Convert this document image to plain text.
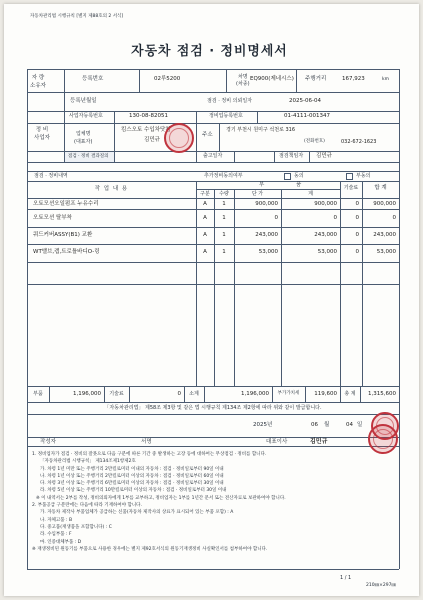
자동차관리법 시행규칙 [별지 제88호의 2 서식]
자동차 점검 · 정비명세서
자 량
소유자
등록번호	02루5200	차명
(차종)
EQ900(제네시스) 주행거리	167,923	km
등록년월일	점검 · 정비 의뢰일자	2025-06-04
정 비
사업자
사업자등록번호	130-08-82051	정비업등록번호	01-4111-001347
업체명
(대표자)
킴스오토 수입차닷컴
김민규
주소
경기 부천시 원미구 석천로 316
(전화번호)	032-672-1623
점검 · 정비 결과질의	출고일자	점검책임자 김민규
점검 · 정비내역	추가정비동의여부	동의	부동의
작 업 내 용
부	품	기술료	합 계
구분	수량	단 가	계
오토모션오일펌프 누유수리	A	1	900,000	900,000	0	900,000
오토모션 탈부착	A	1	0	0	0	0
쿼드커버ASSY(B1) 교환	A	1	243,000	243,000	0	243,000
WT밸브,캡,트로틀바디O-링	A	1	53,000	53,000	0	53,000
부품	1,196,000	기술료	0	소계	1,196,000	부가가치세	119,600	총 계	1,315,600
「자동차관리법」 제58조 제3항 및 같은 법 시행규칙 제134조 제2항에 따라 위와 같이 발급합니다.
2025년	06 월	04 일
작성자	서명	대표이사	김민규
1. 정비업자가 점검 · 정비의 잘못으로 다음 구분에 따른 기간 중 발생하는 고장 등에 대하여는 무상점검 · 정비를 합니다.
「자동차관리법 시행규칙」 제134조제1항제2호
가. 차령 1년 미만 또는 주행거리 2만킬로미터 이내의 자동차 : 점검 · 정비일로부터 90일 이내
나. 차령 1년 이상 또는 주행거리 2만킬로미터 이상의 자동차 : 점검 · 정비일로부터 60일 이내
다. 차령 3년 이상 또는 주행거리 6만킬로미터 이상의 자동차 : 점검 · 정비일로부터 30일 이내
라. 차령 5년 이상 또는 주행거리 10만킬로미터 이상의 자동차 : 점검 · 정비일로부터 30일 이내
※ 이 내역서는 2부를 작성, 정비의뢰자에게 1부를 교부하고, 정비업자는 1부를 1년간 문서 또는 전산자료로 보관하여야 합니다.
2. 부품공급 구분란에는 다음에 따라 기재하여야 합니다.
가. 자동차 제작사 부품업체가 공급하는 신품(자동차 제작사의 상표가 표시되어 있는 부품 포함) : A
나. 자체고품 : B
다. 중고품(재생품을 포함합니다) : C
라. 수입부품 : F
마. 인증대체부품 : D
※ 재생정비된 원동기를 부품으로 사용한 경우에는 별지 제92호서식의 원동기재생정비 사실확인서를 첨부하여야 합니다.
1 / 1
210㎜×297㎜
